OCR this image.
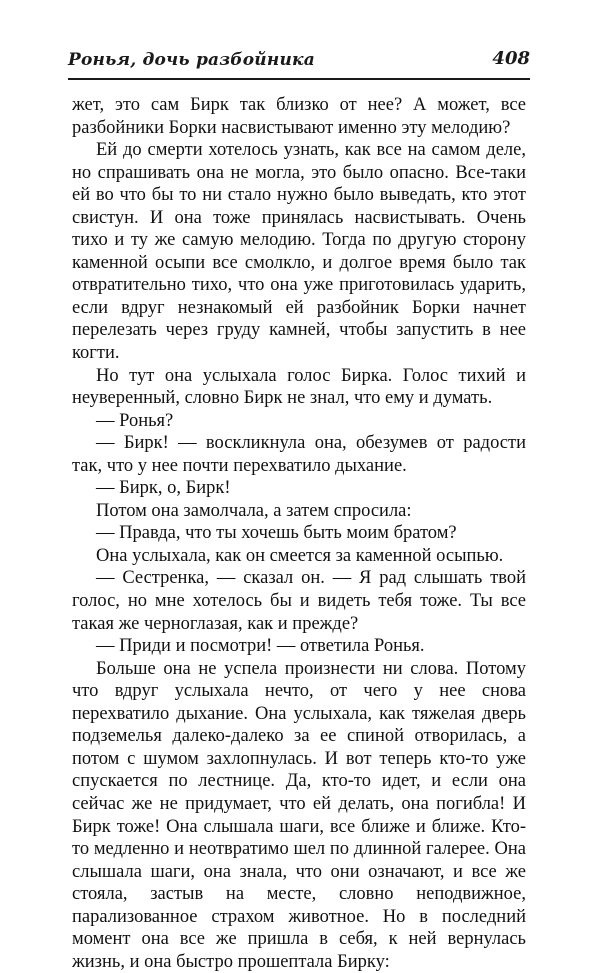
Ронья, дочь разбойника	408

жет, это сам Бирк так близко от нее? А может, все разбойники Борки насвистывают именно эту мелодию?

Ей до смерти хотелось узнать, как все на самом деле, но спрашивать она не могла, это было опасно. Все-таки ей во что бы то ни стало нужно было выведать, кто этот свистун. И она тоже принялась насвистывать. Очень тихо и ту же самую мелодию. Тогда по другую сторону каменной осыпи все смолкло, и долгое время было так отвратительно тихо, что она уже приготовилась ударить, если вдруг незнакомый ей разбойник Борки начнет перелезать через груду камней, чтобы запустить в нее когти.

Но тут она услыхала голос Бирка. Голос тихий и неуверенный, словно Бирк не знал, что ему и думать.

— Ронья?

— Бирк! — воскликнула она, обезумев от радости так, что у нее почти перехватило дыхание.

— Бирк, о, Бирк!

Потом она замолчала, а затем спросила:

— Правда, что ты хочешь быть моим братом?

Она услыхала, как он смеется за каменной осыпью.

— Сестренка, — сказал он. — Я рад слышать твой голос, но мне хотелось бы и видеть тебя тоже. Ты все такая же черноглазая, как и прежде?

— Приди и посмотри! — ответила Ронья.

Больше она не успела произнести ни слова. Потому что вдруг услыхала нечто, от чего у нее снова перехватило дыхание. Она услыхала, как тяжелая дверь подземелья далеко-далеко за ее спиной отворилась, а потом с шумом захлопнулась. И вот теперь кто-то уже спускается по лестнице. Да, кто-то идет, и если она сейчас же не придумает, что ей делать, она погибла! И Бирк тоже! Она слышала шаги, все ближе и ближе. Кто-то медленно и неотвратимо шел по длинной галерее. Она слышала шаги, она знала, что они означают, и все же стояла, застыв на месте, словно неподвижное, парализованное страхом животное. Но в последний момент она все же пришла в себя, к ней вернулась жизнь, и она быстро прошептала Бирку:
